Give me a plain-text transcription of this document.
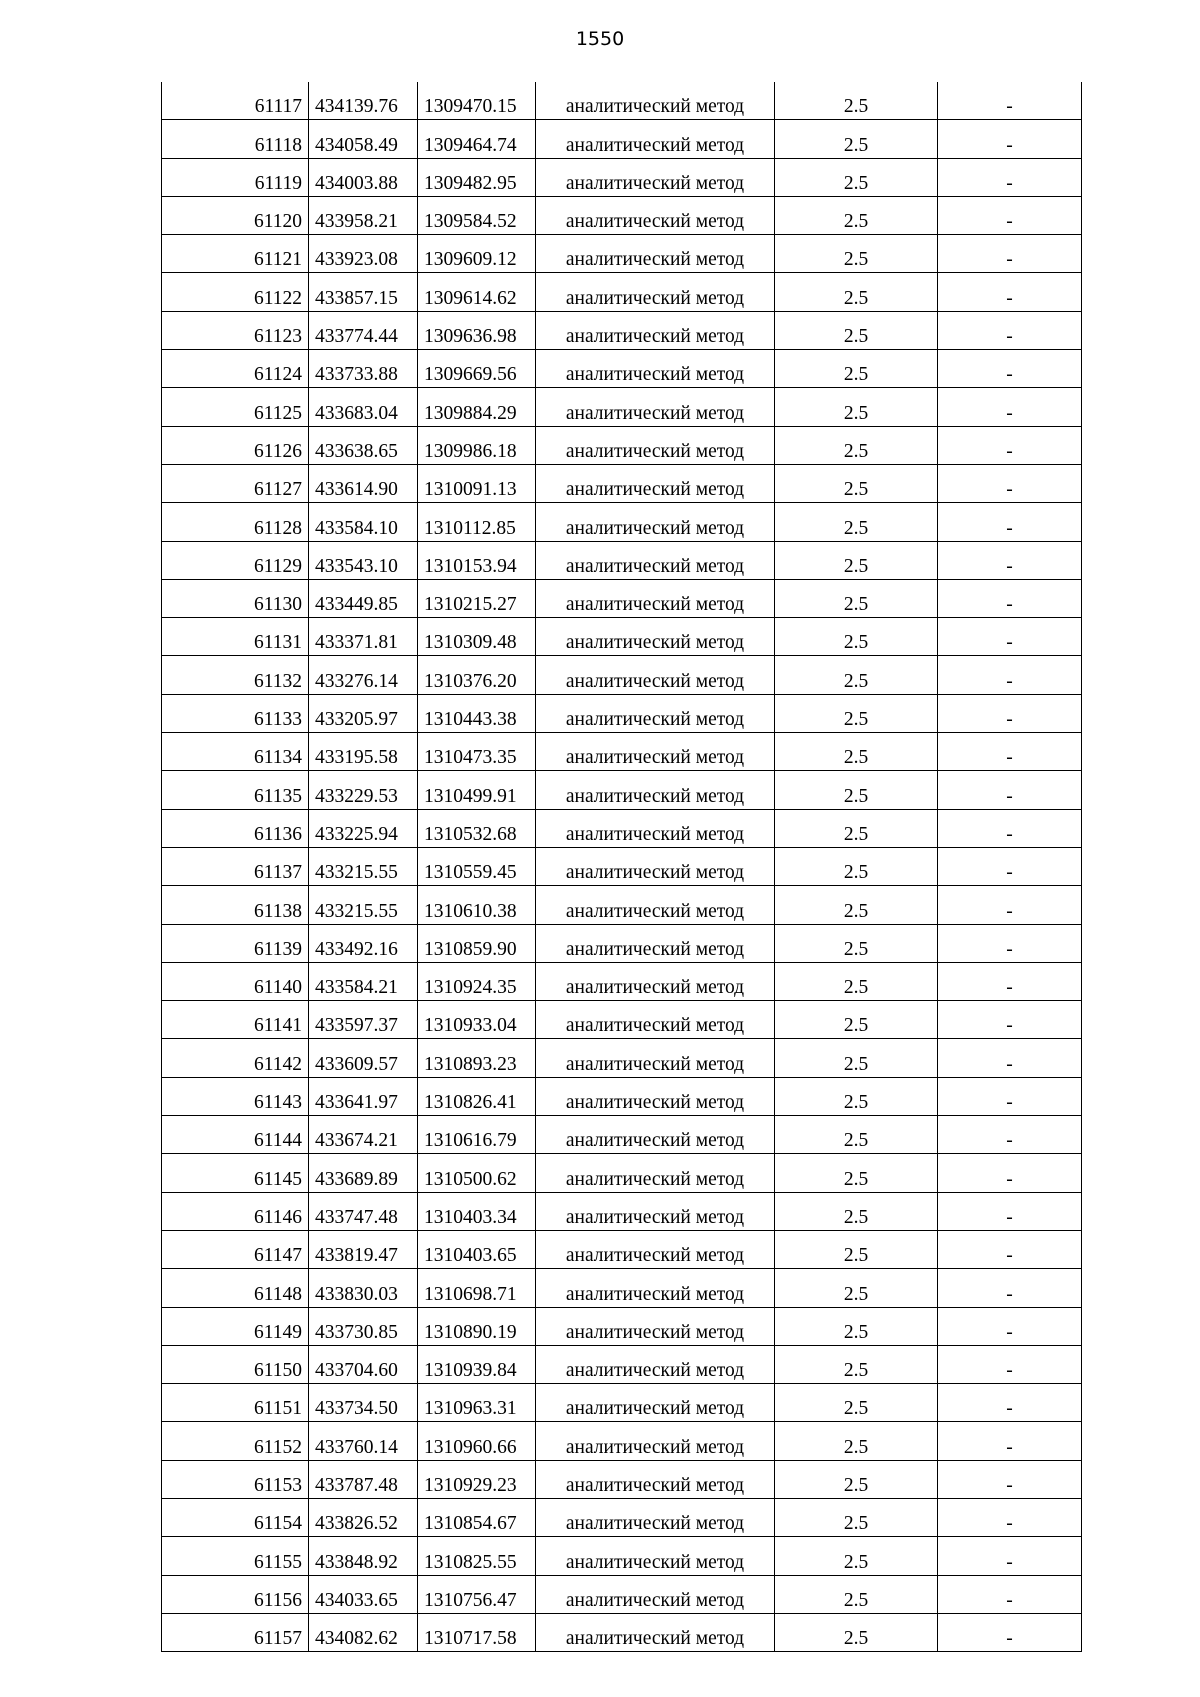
1550
61117	434139.76	1309470.15	аналитический метод	2.5	-
61118	434058.49	1309464.74	аналитический метод	2.5	-
61119	434003.88	1309482.95	аналитический метод	2.5	-
61120	433958.21	1309584.52	аналитический метод	2.5	-
61121	433923.08	1309609.12	аналитический метод	2.5	-
61122	433857.15	1309614.62	аналитический метод	2.5	-
61123	433774.44	1309636.98	аналитический метод	2.5	-
61124	433733.88	1309669.56	аналитический метод	2.5	-
61125	433683.04	1309884.29	аналитический метод	2.5	-
61126	433638.65	1309986.18	аналитический метод	2.5	-
61127	433614.90	1310091.13	аналитический метод	2.5	-
61128	433584.10	1310112.85	аналитический метод	2.5	-
61129	433543.10	1310153.94	аналитический метод	2.5	-
61130	433449.85	1310215.27	аналитический метод	2.5	-
61131	433371.81	1310309.48	аналитический метод	2.5	-
61132	433276.14	1310376.20	аналитический метод	2.5	-
61133	433205.97	1310443.38	аналитический метод	2.5	-
61134	433195.58	1310473.35	аналитический метод	2.5	-
61135	433229.53	1310499.91	аналитический метод	2.5	-
61136	433225.94	1310532.68	аналитический метод	2.5	-
61137	433215.55	1310559.45	аналитический метод	2.5	-
61138	433215.55	1310610.38	аналитический метод	2.5	-
61139	433492.16	1310859.90	аналитический метод	2.5	-
61140	433584.21	1310924.35	аналитический метод	2.5	-
61141	433597.37	1310933.04	аналитический метод	2.5	-
61142	433609.57	1310893.23	аналитический метод	2.5	-
61143	433641.97	1310826.41	аналитический метод	2.5	-
61144	433674.21	1310616.79	аналитический метод	2.5	-
61145	433689.89	1310500.62	аналитический метод	2.5	-
61146	433747.48	1310403.34	аналитический метод	2.5	-
61147	433819.47	1310403.65	аналитический метод	2.5	-
61148	433830.03	1310698.71	аналитический метод	2.5	-
61149	433730.85	1310890.19	аналитический метод	2.5	-
61150	433704.60	1310939.84	аналитический метод	2.5	-
61151	433734.50	1310963.31	аналитический метод	2.5	-
61152	433760.14	1310960.66	аналитический метод	2.5	-
61153	433787.48	1310929.23	аналитический метод	2.5	-
61154	433826.52	1310854.67	аналитический метод	2.5	-
61155	433848.92	1310825.55	аналитический метод	2.5	-
61156	434033.65	1310756.47	аналитический метод	2.5	-
61157	434082.62	1310717.58	аналитический метод	2.5	-
